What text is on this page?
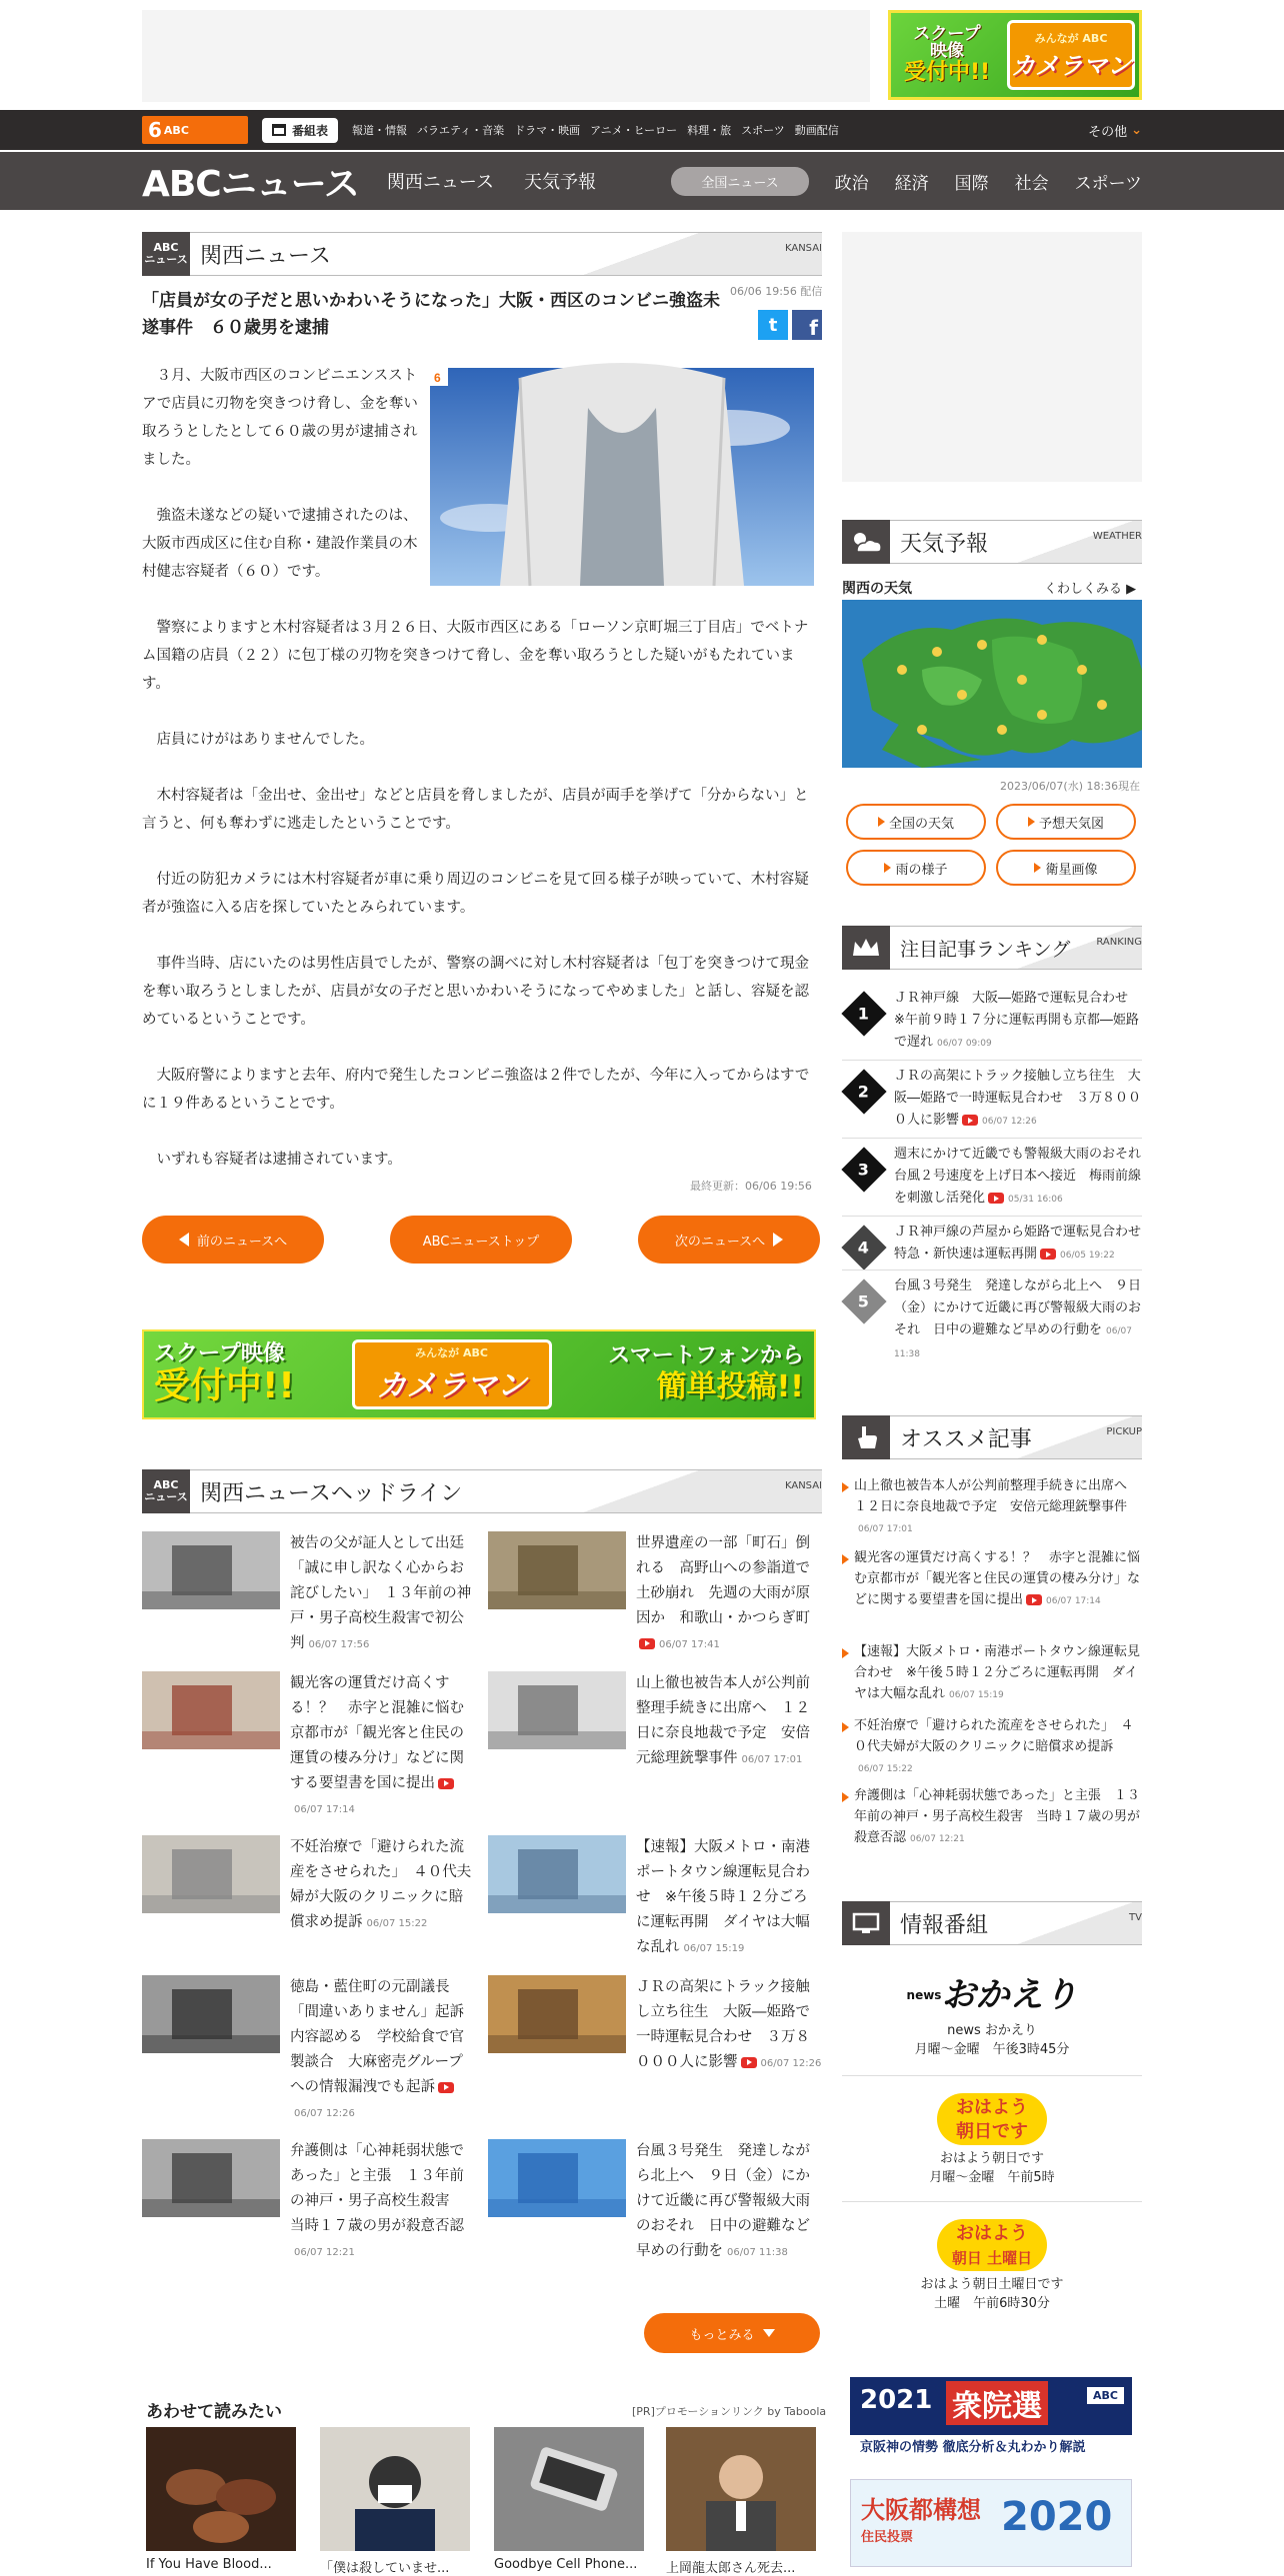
スクープ
映像
受付中!!
みんなが ABC
カメラマン
6 ABC	番組表 報道・情報 バラエティ・音楽 ドラマ・映画 アニメ・ヒーロー 料理・旅 スポーツ 動画配信	その他 ⌄
ABCニュース 関西ニュース 天気予報	全国ニュース	政治 経済 国際 社会 スポーツ
ABC
ニュース 関西ニュース	KANSAI
06/06 19:56 配信
「店員が女の子だと思いかわいそうになった」大阪・西区のコンビニ強盗未遂事件　６０歳男を逮捕	t f
6

　３月、大阪市西区のコンビニエンスストアで店員に刃物を突きつけ脅し、金を奪い取ろうとしたとして６０歳の男が逮捕されました。

　強盗未遂などの疑いで逮捕されたのは、大阪市西成区に住む自称・建設作業員の木村健志容疑者（６０）です。

　警察によりますと木村容疑者は３月２６日、大阪市西区にある「ローソン京町堀三丁目店」でベトナム国籍の店員（２２）に包丁様の刃物を突きつけて脅し、金を奪い取ろうとした疑いがもたれています。

　店員にけがはありませんでした。

　木村容疑者は「金出せ、金出せ」などと店員を脅しましたが、店員が両手を挙げて「分からない」と言うと、何も奪わずに逃走したということです。

　付近の防犯カメラには木村容疑者が車に乗り周辺のコンビニを見て回る様子が映っていて、木村容疑者が強盗に入る店を探していたとみられています。

　事件当時、店にいたのは男性店員でしたが、警察の調べに対し木村容疑者は「包丁を突きつけて現金を奪い取ろうとしましたが、店員が女の子だと思いかわいそうになってやめました」と話し、容疑を認めているということです。

　大阪府警によりますと去年、府内で発生したコンビニ強盗は２件でしたが、今年に入ってからはすでに１９件あるということです。

　いずれも容疑者は逮捕されています。

最終更新：06/06 19:56
前のニュースへ	ABCニューストップ	次のニュースへ
スクープ映像
受付中!!
みんなが ABC
カメラマン
スマートフォンから
簡単投稿!!
ABC
ニュース 関西ニュースヘッドライン	KANSAI
被告の父が証人として出廷「誠に申し訳なく心からお詫びしたい」　１３年前の神戸・男子高校生殺害で初公判 06/07 17:56
世界遺産の一部「町石」倒れる　高野山への参詣道で土砂崩れ　先週の大雨が原因か　和歌山・かつらぎ町06/07 17:41
観光客の運賃だけ高くする！？　赤字と混雑に悩む京都市が「観光客と住民の運賃の棲み分け」などに関する要望書を国に提出06/07 17:14
山上徹也被告本人が公判前整理手続きに出席へ　１２日に奈良地裁で予定　安倍元総理銃撃事件 06/07 17:01
不妊治療で「避けられた流産をさせられた」　４０代夫婦が大阪のクリニックに賠償求め提訴 06/07 15:22
【速報】大阪メトロ・南港ポートタウン線運転見合わせ　※午後５時１２分ごろに運転再開　ダイヤは大幅な乱れ 06/07 15:19
徳島・藍住町の元副議長「間違いありません」起訴内容認める　学校給食で官製談合　大麻密売グループへの情報漏洩でも起訴06/07 12:26
ＪＲの高架にトラック接触し立ち往生　大阪―姫路で一時運転見合わせ　３万８０００人に影響 06/07 12:26
弁護側は「心神耗弱状態であった」と主張　１３年前の神戸・男子高校生殺害　当時１７歳の男が殺意否認06/07 12:21
台風３号発生　発達しながら北上へ　９日（金）にかけて近畿に再び警報級大雨のおそれ　日中の避難など早めの行動を 06/07 11:38
もっとみる
あわせて読みたい	[PR]プロモーションリンク by Taboola
If You Have Blood...	「僕は殺していませ...	Goodbye Cell Phone...	上岡龍太郎さん死去...
天気予報	WEATHER
関西の天気	くわしくみる ▶
2023/06/07(水) 18:36現在
全国の天気	予想天気図
雨の様子	衛星画像
注目記事ランキング	RANKING
1
ＪＲ神戸線　大阪―姫路で運転見合わせ　※午前９時１７分に運転再開も京都―姫路で遅れ 06/07 09:09
2
ＪＲの高架にトラック接触し立ち往生　大阪―姫路で一時運転見合わせ　３万８０００人に影響	06/07 12:26
3
週末にかけて近畿でも警報級大雨のおそれ　台風２号速度を上げ日本へ接近　梅雨前線を刺激し活発化	05/31 16:06
4
ＪＲ神戸線の芦屋から姫路で運転見合わせ　特急・新快速は運転再開	06/05 19:22
5
台風３号発生　発達しながら北上へ　９日（金）にかけて近畿に再び警報級大雨のおそれ　日中の避難など早めの行動を 06/07 11:38
オススメ記事	PICKUP
山上徹也被告本人が公判前整理手続きに出席へ　１２日に奈良地裁で予定　安倍元総理銃撃事件06/07 17:01
観光客の運賃だけ高くする！？　赤字と混雑に悩む京都市が「観光客と住民の運賃の棲み分け」などに関する要望書を国に提出	06/07 17:14
【速報】大阪メトロ・南港ポートタウン線運転見合わせ　※午後５時１２分ごろに運転再開　ダイヤは大幅な乱れ 06/07 15:19
不妊治療で「避けられた流産をさせられた」　４０代夫婦が大阪のクリニックに賠償求め提訴06/07 15:22
弁護側は「心神耗弱状態であった」と主張　１３年前の神戸・男子高校生殺害　当時１７歳の男が殺意否認 06/07 12:21
情報番組	TV
$^{news}$おかえり
news おかえり
月曜～金曜　午後3時45分
おはよう
朝日です
おはよう朝日です
月曜～金曜　午前5時
おはよう
朝日 土曜日
おはよう朝日土曜日です
土曜　午前6時30分
2021 衆院選	ABC
京阪神の情勢 徹底分析＆丸わかり解説
大阪都構想
住民投票 2020
